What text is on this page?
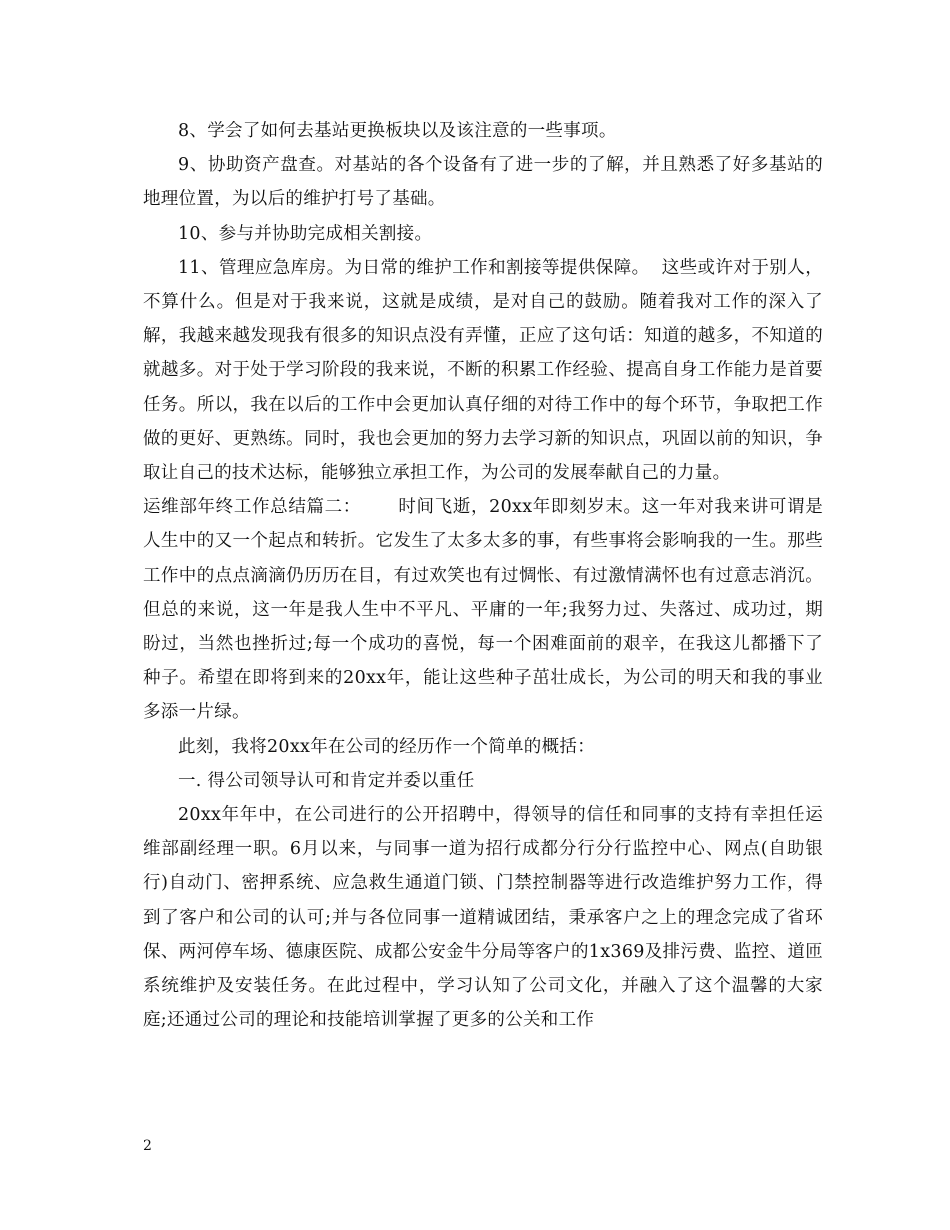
8、学会了如何去基站更换板块以及该注意的一些事项。

9、协助资产盘查。对基站的各个设备有了进一步的了解，并且熟悉了好多基站的地理位置，为以后的维护打号了基础。

10、参与并协助完成相关割接。

11、管理应急库房。为日常的维护工作和割接等提供保障。  这些或许对于别人，不算什么。但是对于我来说，这就是成绩，是对自己的鼓励。随着我对工作的深入了解，我越来越发现我有很多的知识点没有弄懂，正应了这句话：知道的越多，不知道的就越多。对于处于学习阶段的我来说，不断的积累工作经验、提高自身工作能力是首要任务。所以，我在以后的工作中会更加认真仔细的对待工作中的每个环节，争取把工作做的更好、更熟练。同时，我也会更加的努力去学习新的知识点，巩固以前的知识，争取让自己的技术达标，能够独立承担工作，为公司的发展奉献自己的力量。

运维部年终工作总结篇二：      时间飞逝，20xx年即刻岁末。这一年对我来讲可谓是人生中的又一个起点和转折。它发生了太多太多的事，有些事将会影响我的一生。那些工作中的点点滴滴仍历历在目，有过欢笑也有过惆怅、有过激情满怀也有过意志消沉。但总的来说，这一年是我人生中不平凡、平庸的一年;我努力过、失落过、成功过，期盼过，当然也挫折过;每一个成功的喜悦，每一个困难面前的艰辛，在我这儿都播下了种子。希望在即将到来的20xx年，能让这些种子茁壮成长，为公司的明天和我的事业多添一片绿。

此刻，我将20xx年在公司的经历作一个简单的概括：

一. 得公司领导认可和肯定并委以重任

20xx年年中，在公司进行的公开招聘中，得领导的信任和同事的支持有幸担任运维部副经理一职。6月以来，与同事一道为招行成都分行分行监控中心、网点(自助银行)自动门、密押系统、应急救生通道门锁、门禁控制器等进行改造维护努力工作，得到了客户和公司的认可;并与各位同事一道精诚团结，秉承客户之上的理念完成了省环保、两河停车场、德康医院、成都公安金牛分局等客户的1x369及排污费、监控、道匝系统维护及安装任务。在此过程中，学习认知了公司文化，并融入了这个温馨的大家庭;还通过公司的理论和技能培训掌握了更多的公关和工作

2
